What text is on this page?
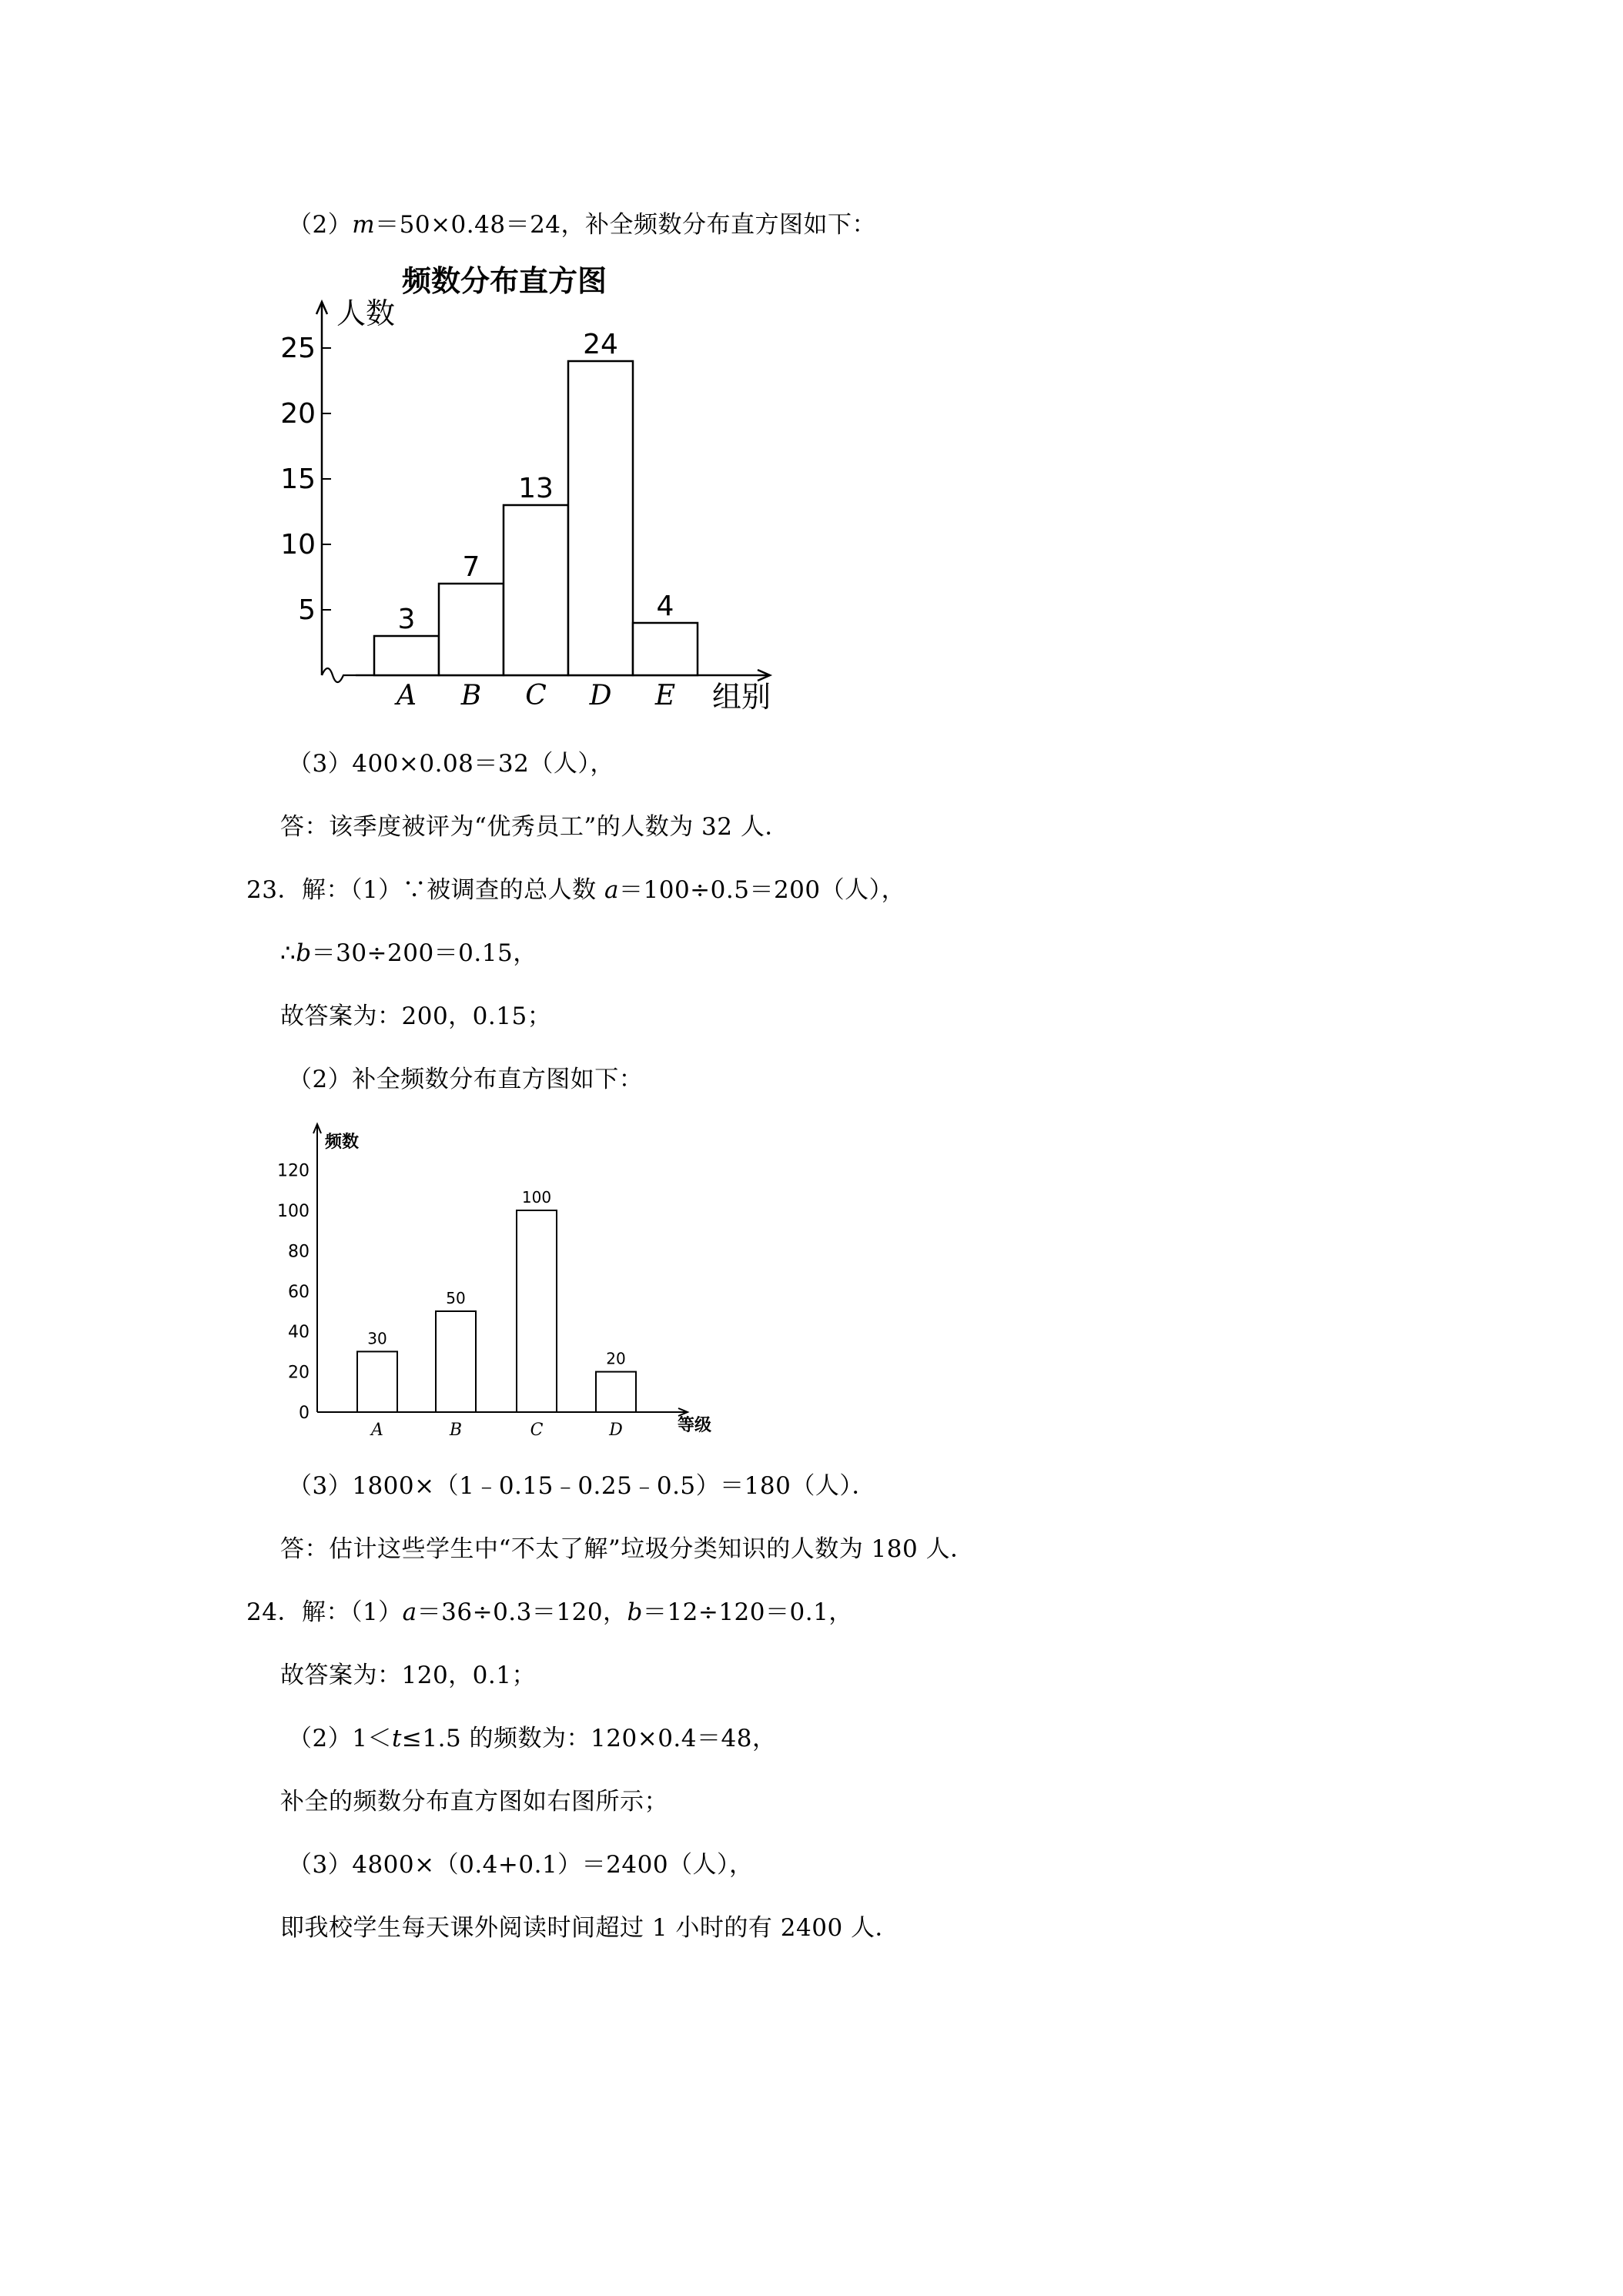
（2）m＝50×0.48＝24，补全频数分布直方图如下：
频数分布直方图
人数
组别
5
10
15
20
25
3
A
7
B
13
C
24
D
4
E
（3）400×0.08＝32（人），
答：该季度被评为“优秀员工”的人数为 32 人．
23．解：（1）∵被调查的总人数 a＝100÷0.5＝200（人），
∴b＝30÷200＝0.15，
故答案为：200，0.15；
（2）补全频数分布直方图如下：
频数
等级
0
20
40
60
80
100
120
30
A
50
B
100
C
20
D
（3）1800×（1﹣0.15﹣0.25﹣0.5）＝180（人）．
答：估计这些学生中“不太了解”垃圾分类知识的人数为 180 人．
24．解：（1）a＝36÷0.3＝120，b＝12÷120＝0.1，
故答案为：120，0.1；
（2）1＜t≤1.5 的频数为：120×0.4＝48，
补全的频数分布直方图如右图所示；
（3）4800×（0.4+0.1）＝2400（人），
即我校学生每天课外阅读时间超过 1 小时的有 2400 人．
